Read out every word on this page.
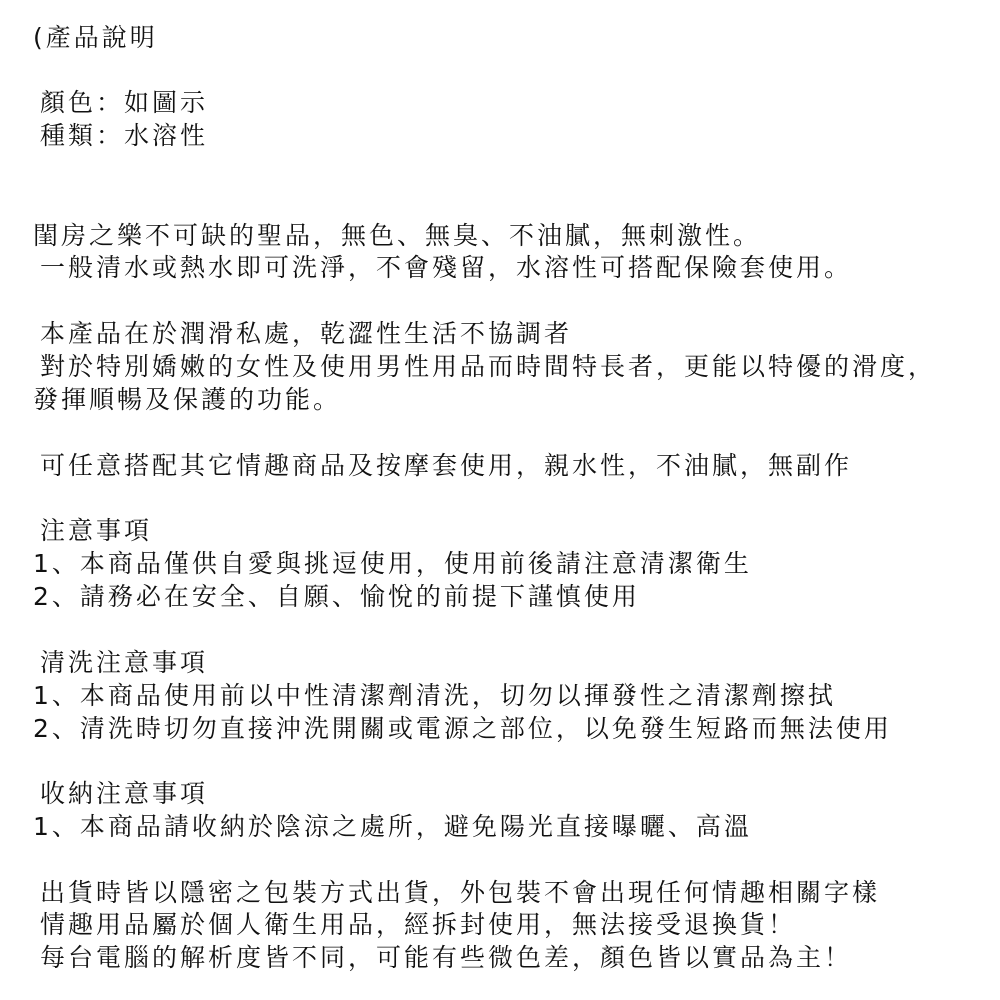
(產品說明
顏色：如圖示
種類：水溶性
閨房之樂不可缺的聖品，無色、無臭、不油膩，無刺激性。
一般清水或熱水即可洗淨，不會殘留，水溶性可搭配保險套使用。
本產品在於潤滑私處，乾澀性生活不協調者
對於特別嬌嫩的女性及使用男性用品而時間特長者，更能以特優的滑度，
發揮順暢及保護的功能。
可任意搭配其它情趣商品及按摩套使用，親水性，不油膩，無副作
注意事項
1、本商品僅供自愛與挑逗使用，使用前後請注意清潔衛生
2、請務必在安全、自願、愉悅的前提下謹慎使用
清洗注意事項
1、本商品使用前以中性清潔劑清洗，切勿以揮發性之清潔劑擦拭
2、清洗時切勿直接沖洗開關或電源之部位，以免發生短路而無法使用
收納注意事項
1、本商品請收納於陰涼之處所，避免陽光直接曝曬、高溫
出貨時皆以隱密之包裝方式出貨，外包裝不會出現任何情趣相關字樣
情趣用品屬於個人衛生用品，經拆封使用，無法接受退換貨！
每台電腦的解析度皆不同，可能有些微色差，顏色皆以實品為主！
